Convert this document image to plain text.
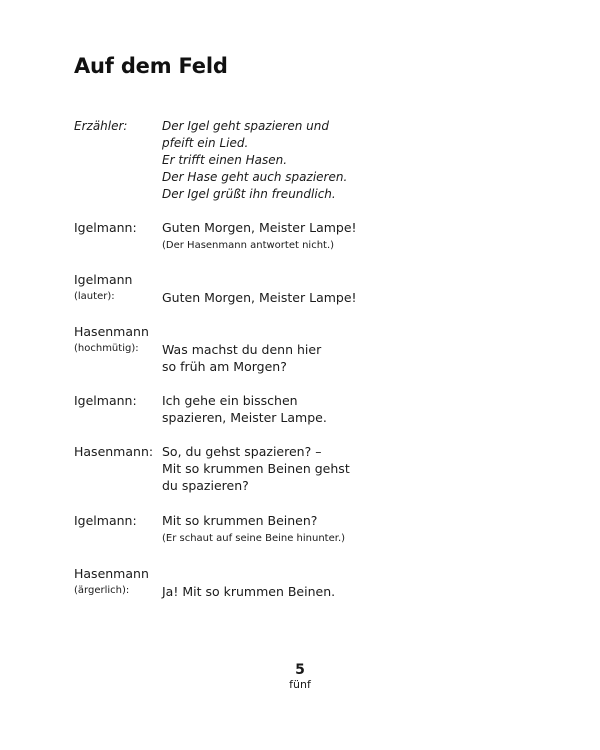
Auf dem Feld
Erzähler:	Der Igel geht spazieren und
pfeift ein Lied.
Er trifft einen Hasen.
Der Hase geht auch spazieren.
Der Igel grüßt ihn freundlich.
Igelmann:	Guten Morgen, Meister Lampe!
(Der Hasenmann antwortet nicht.)
Igelmann
(lauter):	Guten Morgen, Meister Lampe!
Hasenmann
(hochmütig):	Was machst du denn hier
so früh am Morgen?
Igelmann:	Ich gehe ein bisschen
spazieren, Meister Lampe.
Hasenmann: So, du gehst spazieren? –
Mit so krummen Beinen gehst
du spazieren?
Igelmann:	Mit so krummen Beinen?
(Er schaut auf seine Beine hinunter.)
Hasenmann
(ärgerlich):	Ja! Mit so krummen Beinen.
5
fünf
